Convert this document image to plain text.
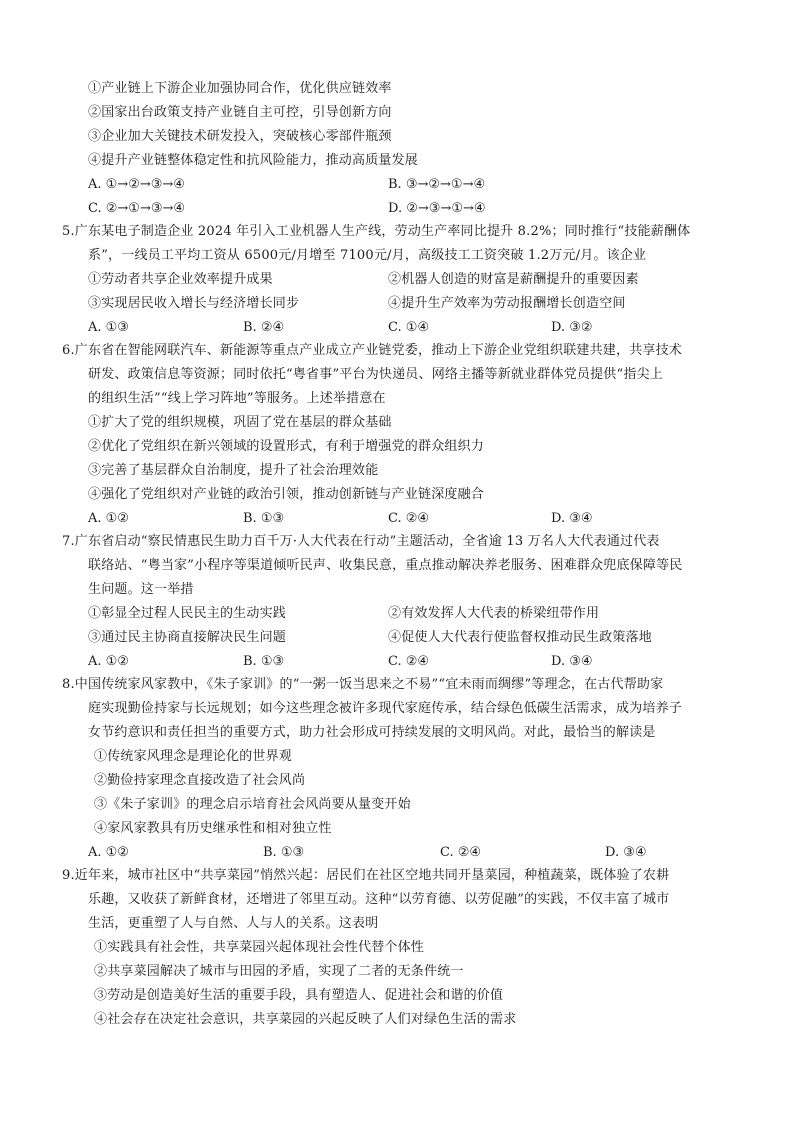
①产业链上下游企业加强协同合作，优化供应链效率
②国家出台政策支持产业链自主可控，引导创新方向
③企业加大关键技术研发投入，突破核心零部件瓶颈
④提升产业链整体稳定性和抗风险能力，推动高质量发展
A. ①→②→③→④	B. ③→②→①→④
C. ②→①→③→④	D. ②→③→①→④
5.广东某电子制造企业 2024 年引入工业机器人生产线，劳动生产率同比提升 8.2%；同时推行“技能薪酬体
系”，一线员工平均工资从 6500元/月增至 7100元/月，高级技工工资突破 1.2万元/月。该企业
①劳动者共享企业效率提升成果	②机器人创造的财富是薪酬提升的重要因素
③实现居民收入增长与经济增长同步	④提升生产效率为劳动报酬增长创造空间
A. ①③	B. ②④	C. ①④	D. ③②
6.广东省在智能网联汽车、新能源等重点产业成立产业链党委，推动上下游企业党组织联建共建，共享技术
研发、政策信息等资源；同时依托“粤省事”平台为快递员、网络主播等新就业群体党员提供“指尖上
的组织生活”“线上学习阵地”等服务。上述举措意在
①扩大了党的组织规模，巩固了党在基层的群众基础
②优化了党组织在新兴领域的设置形式，有利于增强党的群众组织力
③完善了基层群众自治制度，提升了社会治理效能
④强化了党组织对产业链的政治引领，推动创新链与产业链深度融合
A. ①②	B. ①③	C. ②④	D. ③④
7.广东省启动“察民情惠民生助力百千万·人大代表在行动”主题活动，全省逾 13 万名人大代表通过代表
联络站、“粤当家”小程序等渠道倾听民声、收集民意，重点推动解决养老服务、困难群众兜底保障等民
生问题。这一举措
①彰显全过程人民民主的生动实践	②有效发挥人大代表的桥梁纽带作用
③通过民主协商直接解决民生问题	④促使人大代表行使监督权推动民生政策落地
A. ①②	B. ①③	C. ②④	D. ③④
8.中国传统家风家教中，《朱子家训》的“一粥一饭当思来之不易”“宜未雨而绸缪”等理念，在古代帮助家
庭实现勤俭持家与长远规划；如今这些理念被许多现代家庭传承，结合绿色低碳生活需求，成为培养子
女节约意识和责任担当的重要方式，助力社会形成可持续发展的文明风尚。对此，最恰当的解读是
①传统家风理念是理论化的世界观
②勤俭持家理念直接改造了社会风尚
③《朱子家训》的理念启示培育社会风尚要从量变开始
④家风家教具有历史继承性和相对独立性
A. ①②	B. ①③	C. ②④	D. ③④
9.近年来，城市社区中“共享菜园”悄然兴起：居民们在社区空地共同开垦菜园，种植蔬菜，既体验了农耕
乐趣，又收获了新鲜食材，还增进了邻里互动。这种“以劳育德、以劳促融”的实践，不仅丰富了城市
生活，更重塑了人与自然、人与人的关系。这表明
①实践具有社会性，共享菜园兴起体现社会性代替个体性
②共享菜园解决了城市与田园的矛盾，实现了二者的无条件统一
③劳动是创造美好生活的重要手段，具有塑造人、促进社会和谐的价值
④社会存在决定社会意识，共享菜园的兴起反映了人们对绿色生活的需求
